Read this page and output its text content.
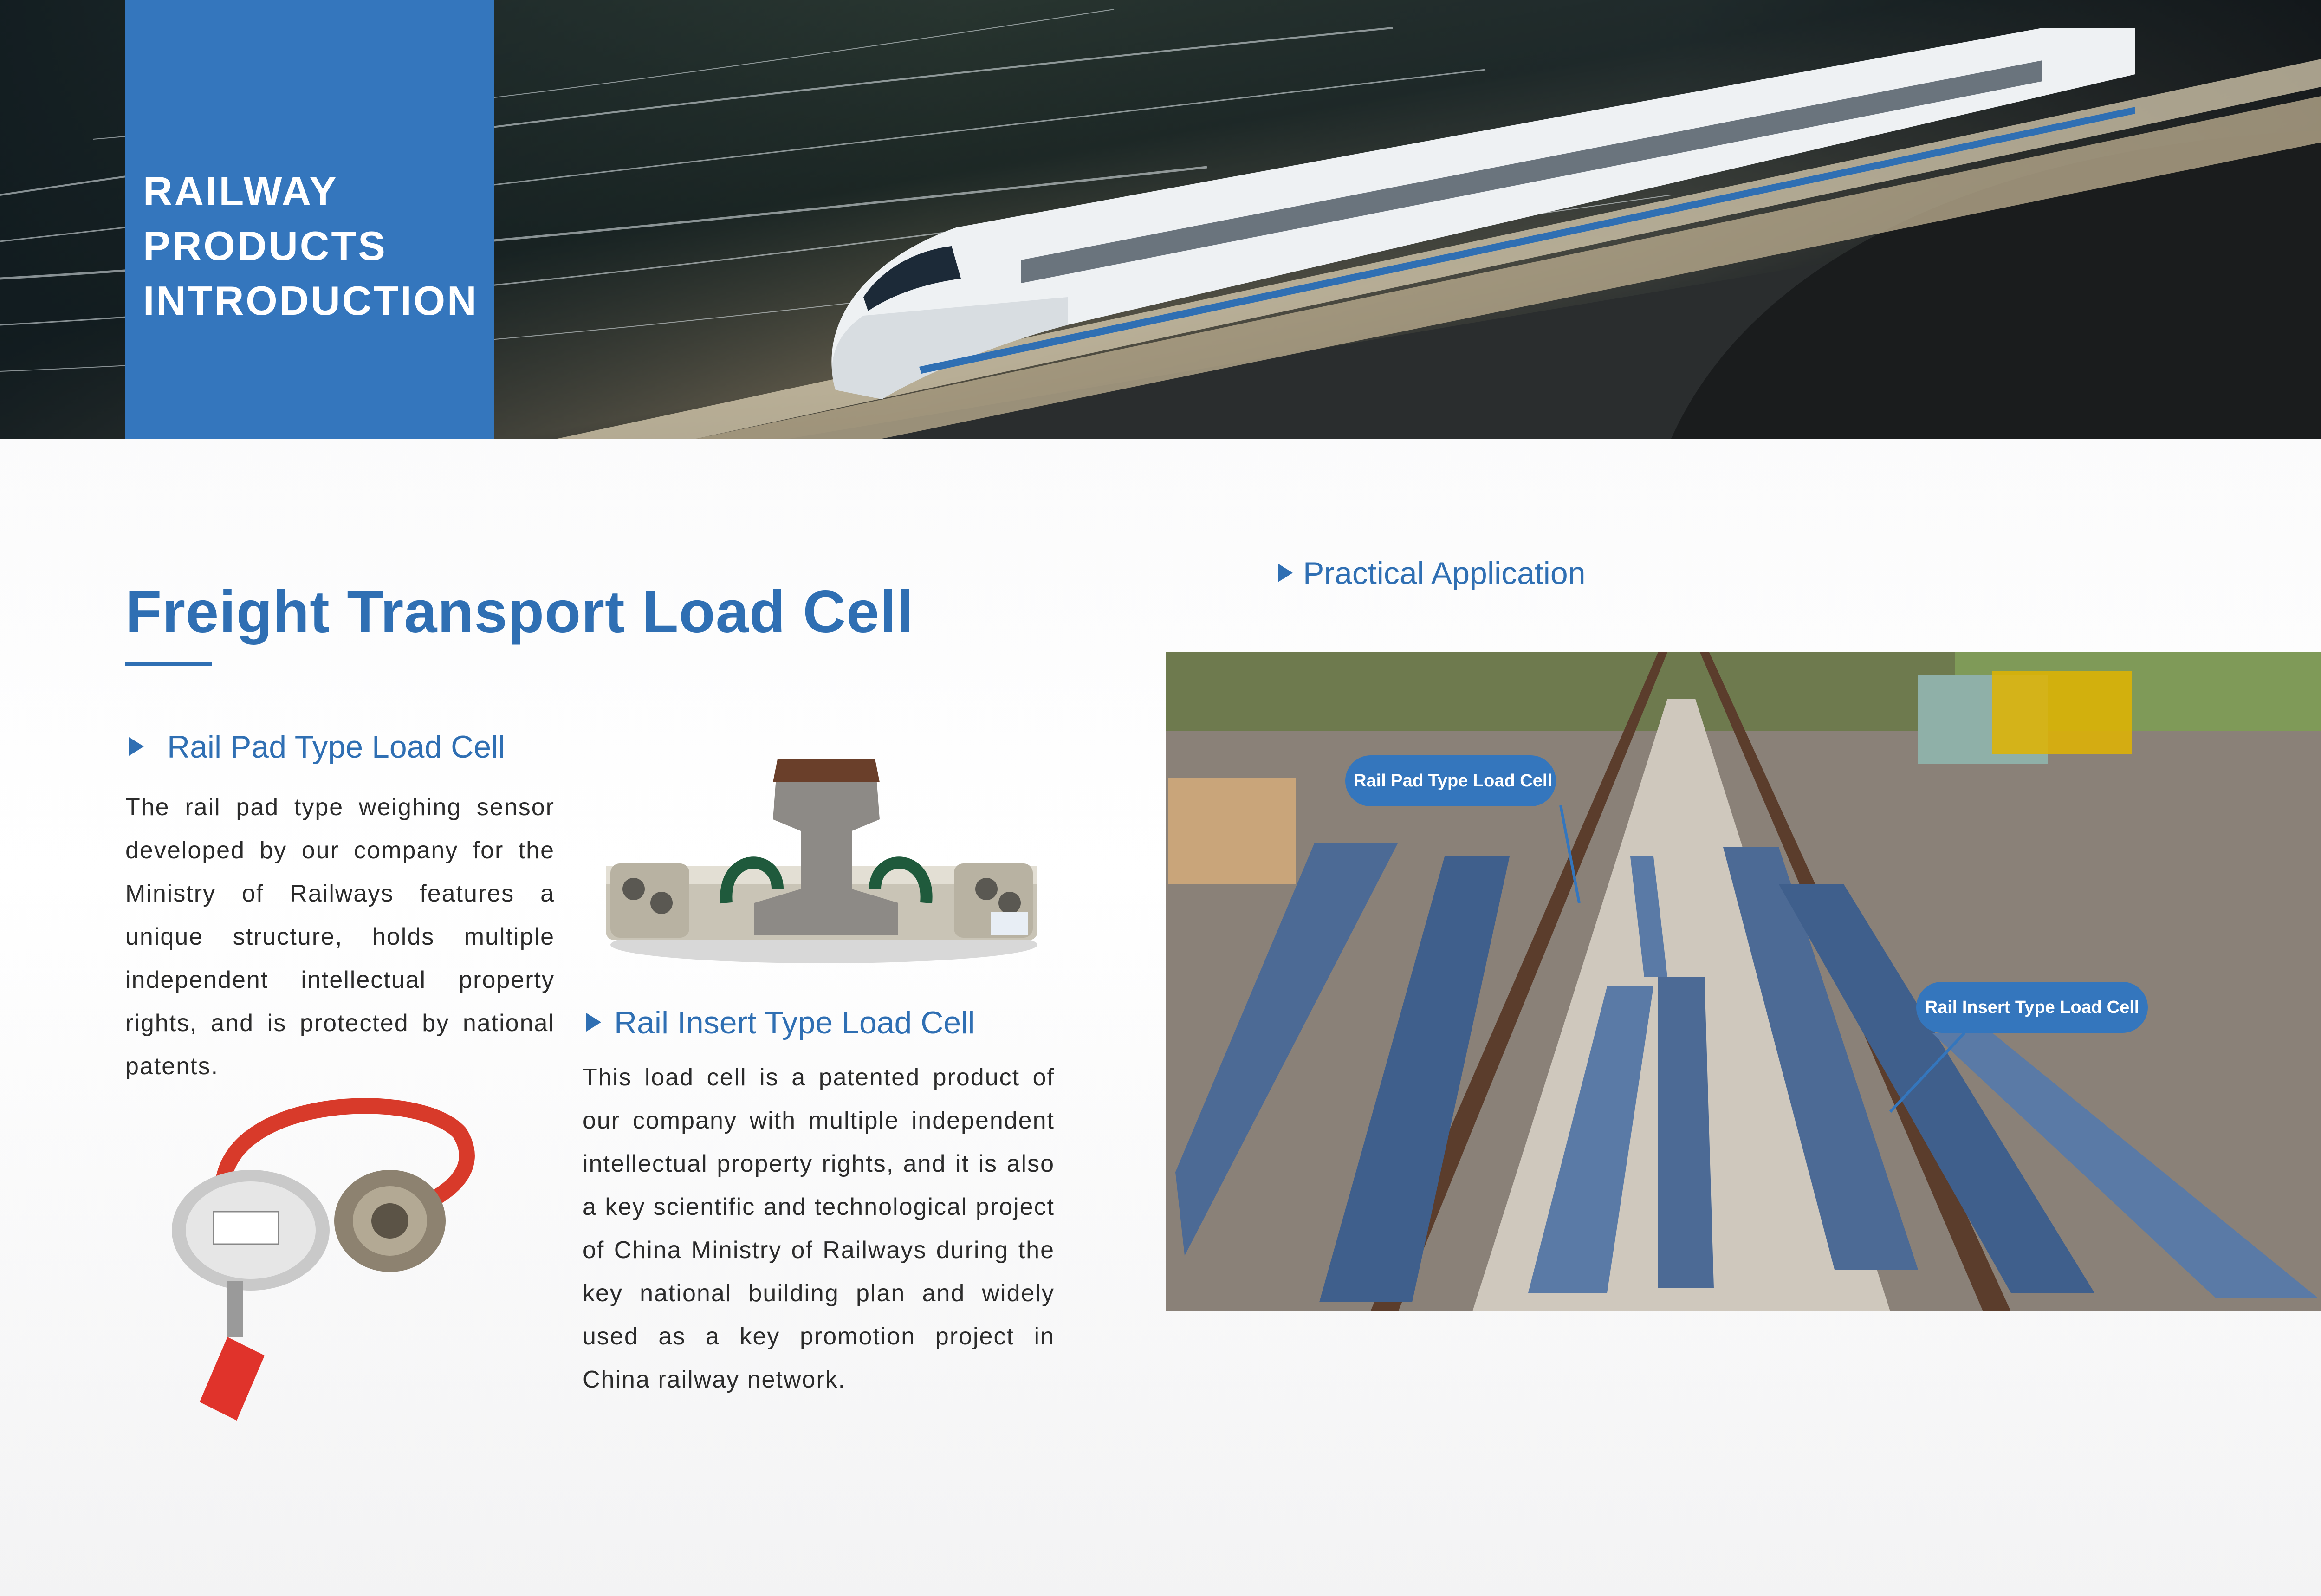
RAILWAY
PRODUCTS
INTRODUCTION
Freight Transport Load Cell
Rail Pad Type Load Cell

The rail pad type weighing sensor developed by our company for the Ministry of Railways features a unique structure, holds multiple independent intellectual property rights, and is protected by national patents.

Rail Insert Type Load Cell

This load cell is a patented product of our company with multiple independent intellectual property rights, and it is also a key scientific and technological project of China Ministry of Railways during the key national building plan and widely used as a key promotion project in China railway network.

Practical Application
Rail Pad Type Load Cell
Rail Insert Type Load Cell
